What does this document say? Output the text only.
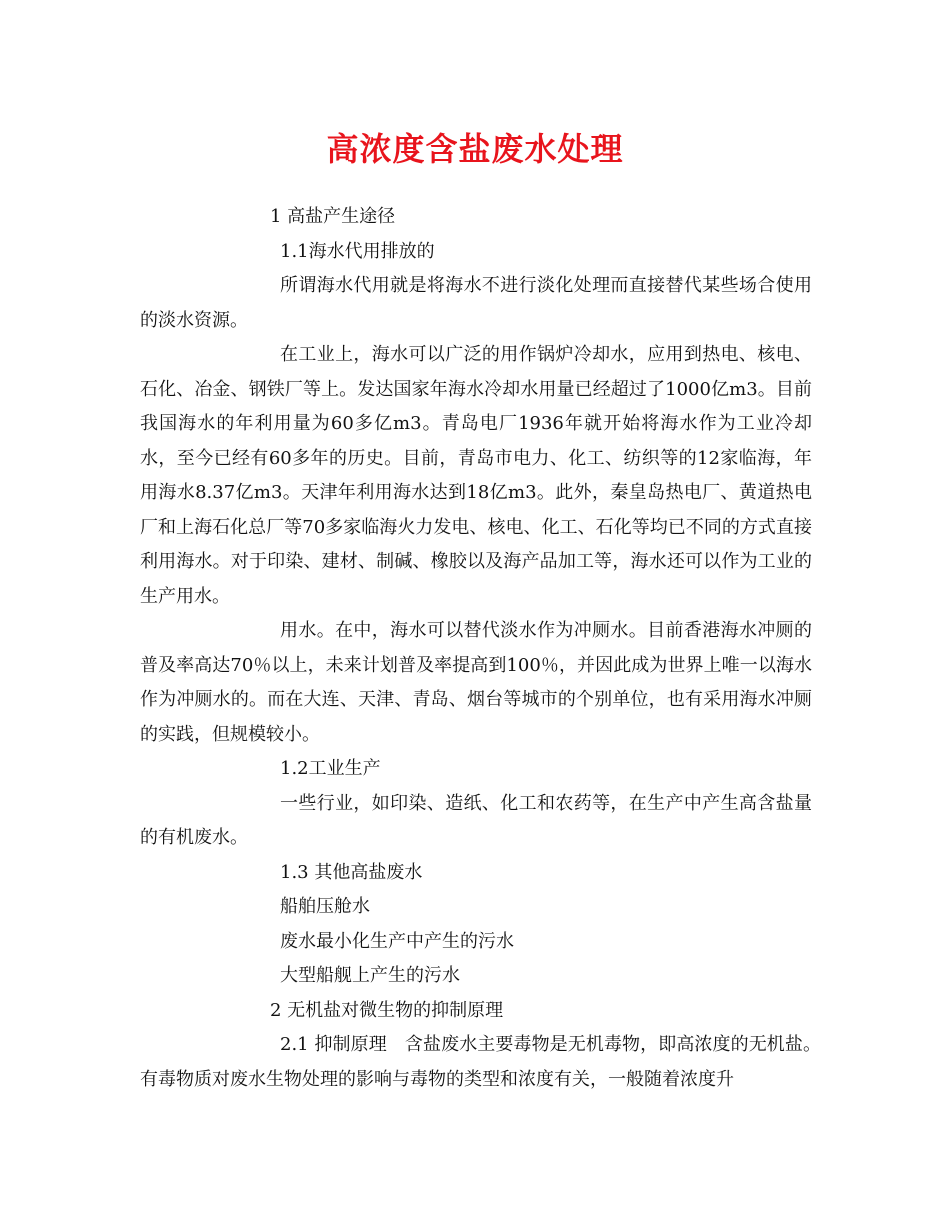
高浓度含盐废水处理

1 高盐产生途径

1.1海水代用排放的

所谓海水代用就是将海水不进行淡化处理而直接替代某些场合使用的淡水资源。

在工业上，海水可以广泛的用作锅炉冷却水，应用到热电、核电、石化、冶金、钢铁厂等上。发达国家年海水冷却水用量已经超过了1000亿m3。目前我国海水的年利用量为60多亿m3。青岛电厂1936年就开始将海水作为工业冷却水，至今已经有60多年的历史。目前，青岛市电力、化工、纺织等的12家临海，年用海水8.37亿m3。天津年利用海水达到18亿m3。此外，秦皇岛热电厂、黄道热电厂和上海石化总厂等70多家临海火力发电、核电、化工、石化等均已不同的方式直接利用海水。对于印染、建材、制碱、橡胶以及海产品加工等，海水还可以作为工业的生产用水。

用水。在中，海水可以替代淡水作为冲厕水。目前香港海水冲厕的普及率高达70％以上，未来计划普及率提高到100％，并因此成为世界上唯一以海水作为冲厕水的。而在大连、天津、青岛、烟台等城市的个别单位，也有采用海水冲厕的实践，但规模较小。

1.2工业生产

一些行业，如印染、造纸、化工和农药等，在生产中产生高含盐量的有机废水。

1.3 其他高盐废水

船舶压舱水

废水最小化生产中产生的污水

大型船舰上产生的污水

2 无机盐对微生物的抑制原理

2.1 抑制原理　含盐废水主要毒物是无机毒物，即高浓度的无机盐。　有毒物质对废水生物处理的影响与毒物的类型和浓度有关，一般随着浓度升
